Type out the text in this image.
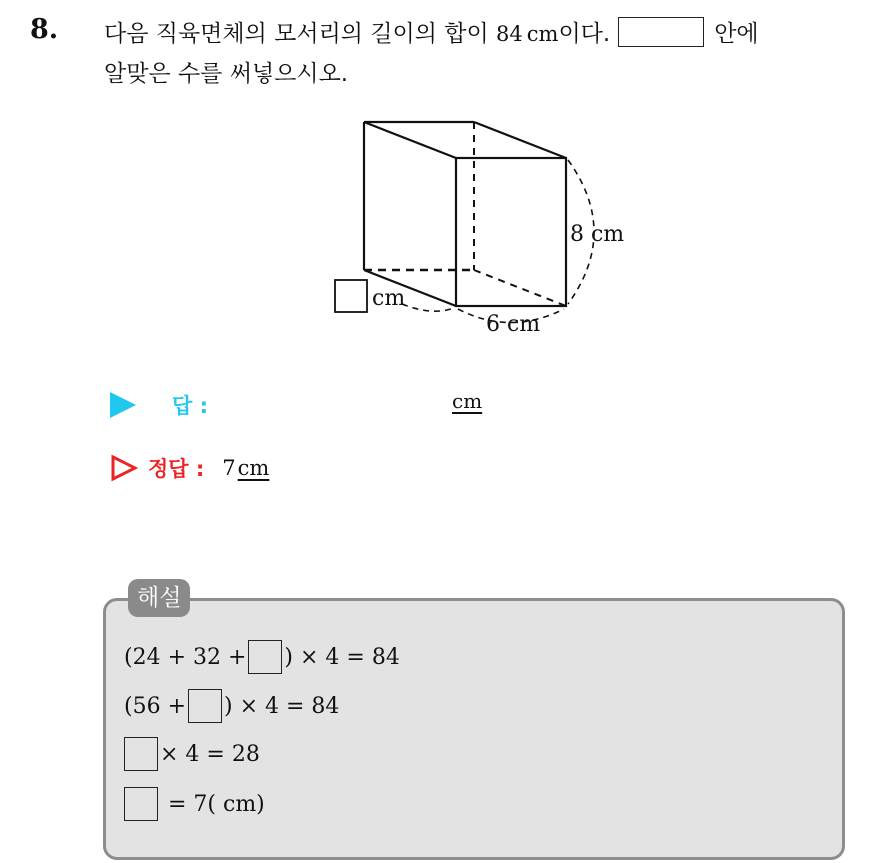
8. 다음 직육면체의 모서리의 길이의 합이 84 cm이다.	안에
알맞은 수를 써넣으시오.
8 cm
6 cm
cm
답 :	cm
정답 : 7 cm
해설
(24 + 32 + ) × 4 = 84
(56 + ) × 4 = 84
× 4 = 28
= 7( cm)
